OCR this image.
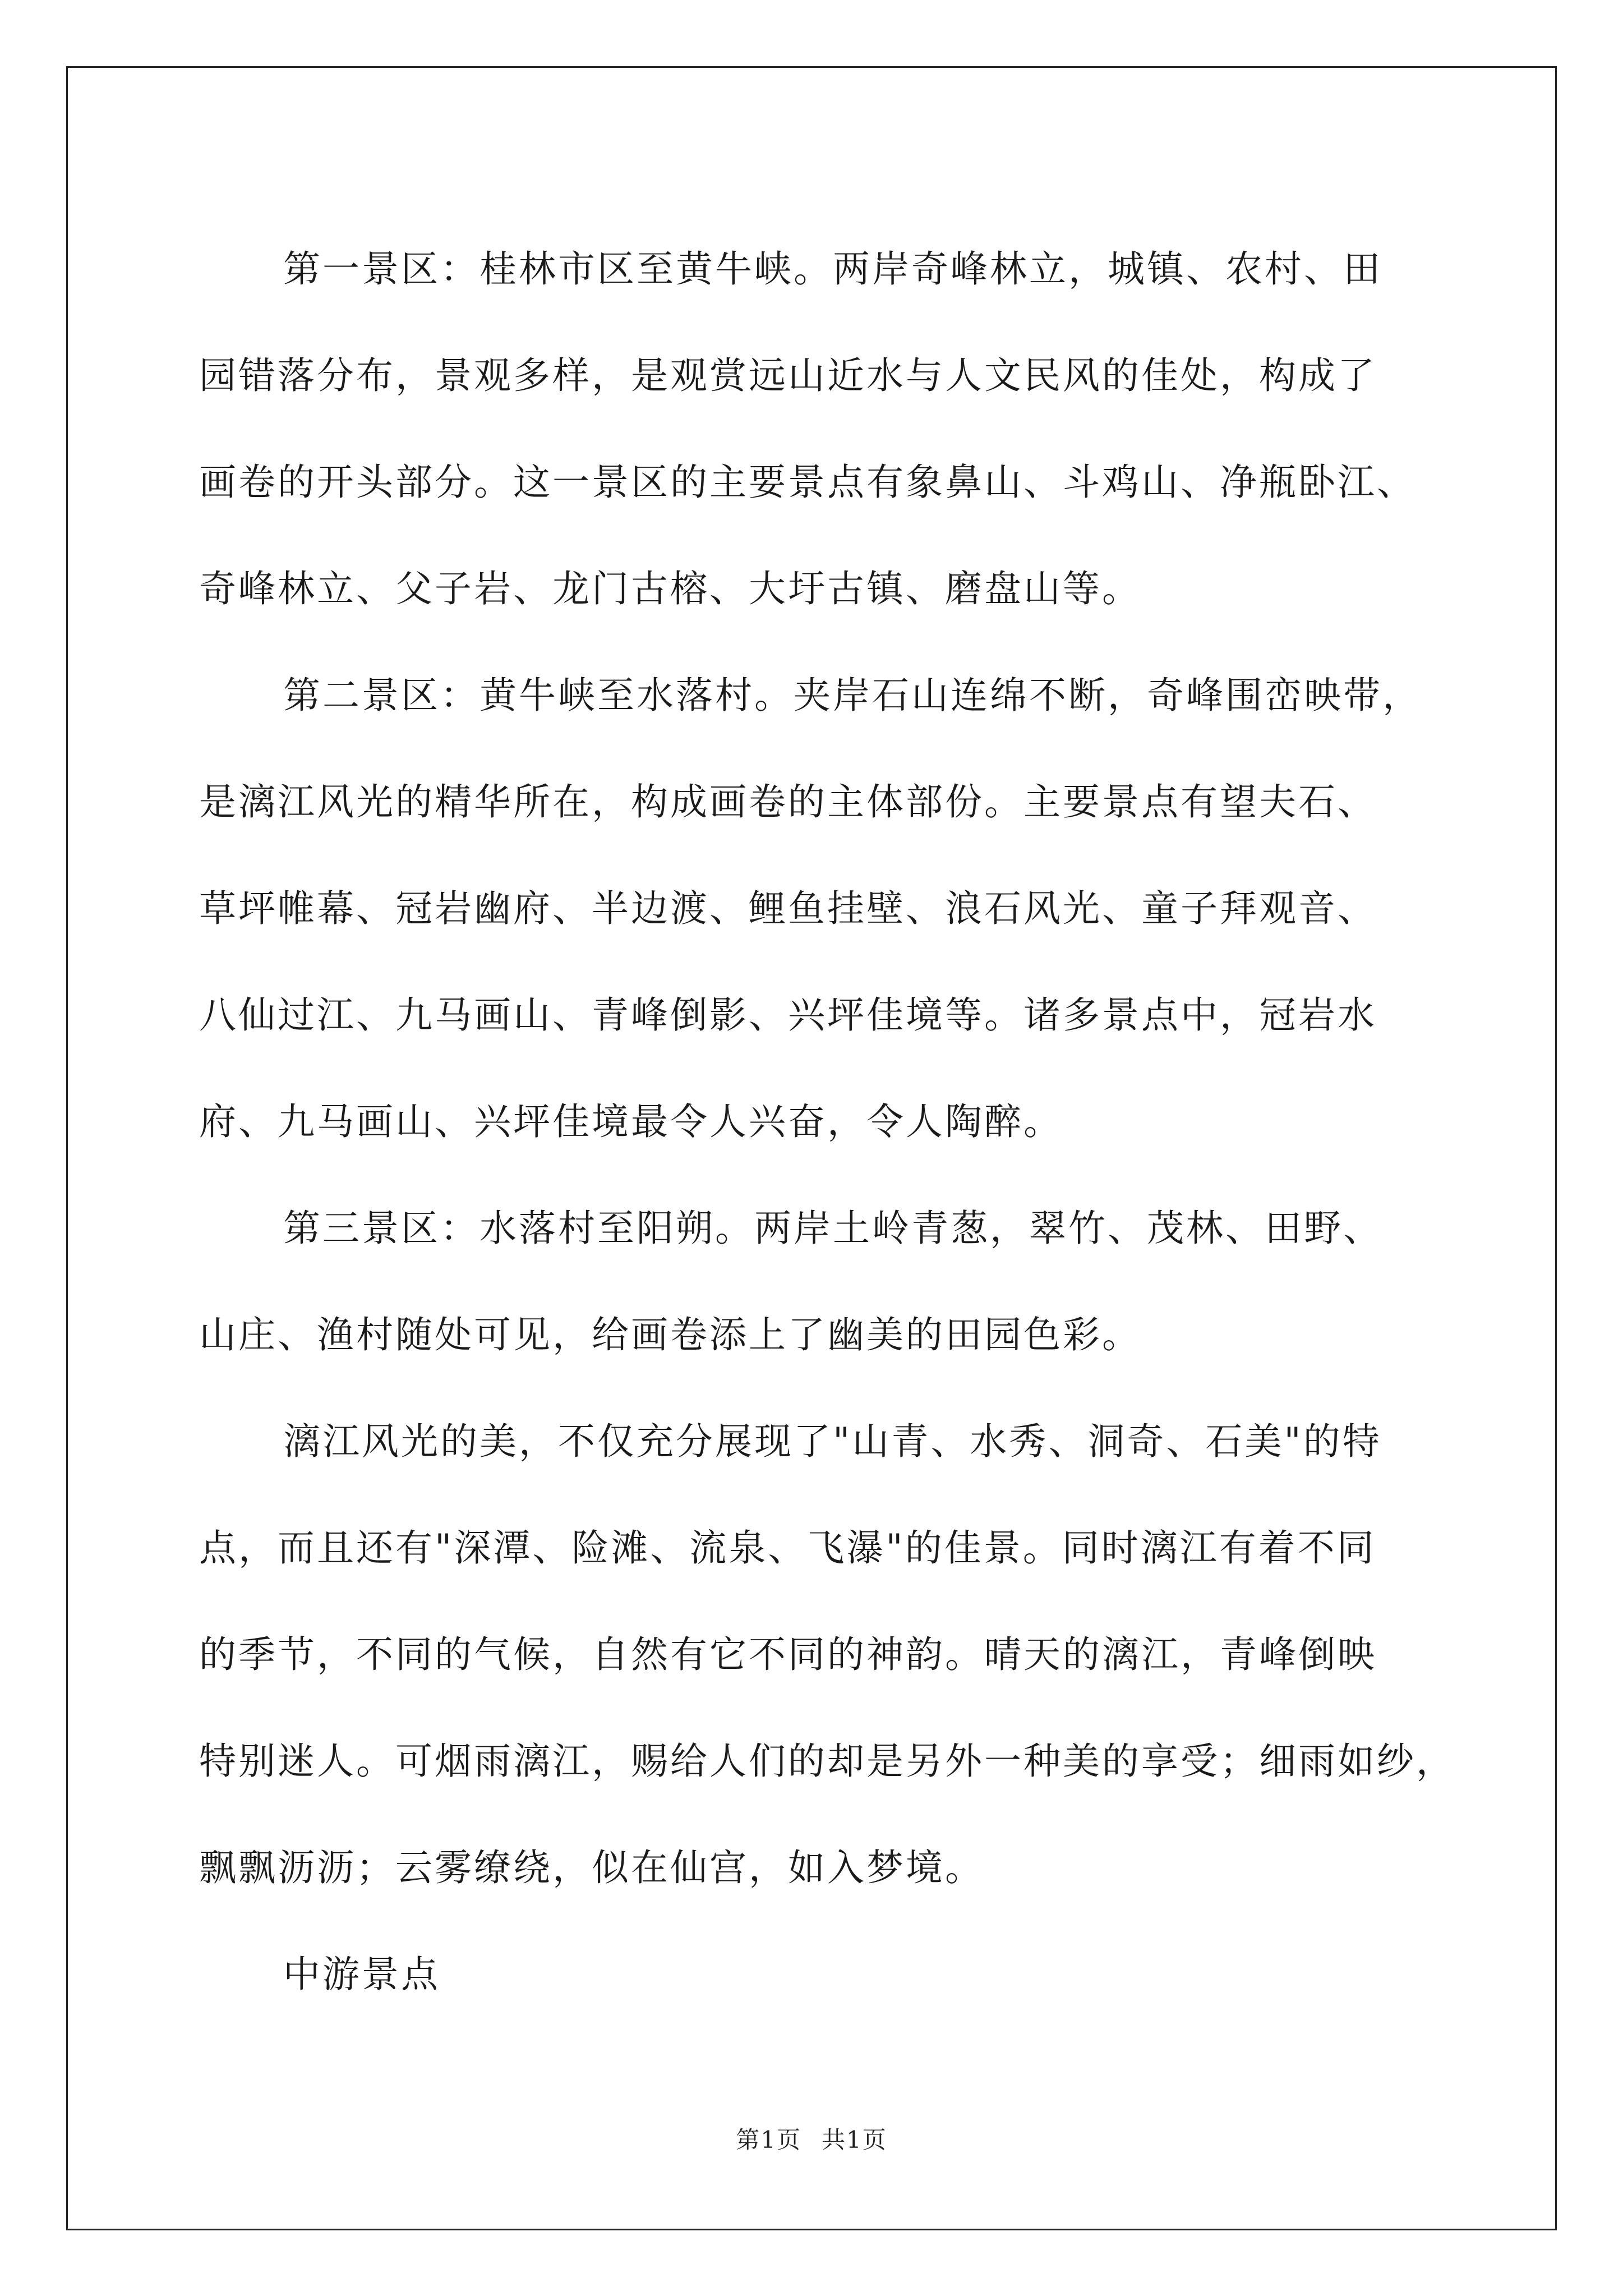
第一景区：桂林市区至黄牛峡。两岸奇峰林立，城镇、农村、田
园错落分布，景观多样，是观赏远山近水与人文民风的佳处，构成了
画卷的开头部分。这一景区的主要景点有象鼻山、斗鸡山、净瓶卧江、
奇峰林立、父子岩、龙门古榕、大圩古镇、磨盘山等。
第二景区：黄牛峡至水落村。夹岸石山连绵不断，奇峰围峦映带，
是漓江风光的精华所在，构成画卷的主体部份。主要景点有望夫石、
草坪帷幕、冠岩幽府、半边渡、鲤鱼挂壁、浪石风光、童子拜观音、
八仙过江、九马画山、青峰倒影、兴坪佳境等。诸多景点中，冠岩水
府、九马画山、兴坪佳境最令人兴奋，令人陶醉。
第三景区：水落村至阳朔。两岸土岭青葱，翠竹、茂林、田野、
山庄、渔村随处可见，给画卷添上了幽美的田园色彩。
漓江风光的美，不仅充分展现了"山青、水秀、洞奇、石美"的特
点，而且还有"深潭、险滩、流泉、飞瀑"的佳景。同时漓江有着不同
的季节，不同的气候，自然有它不同的神韵。晴天的漓江，青峰倒映
特别迷人。可烟雨漓江，赐给人们的却是另外一种美的享受；细雨如纱，
飘飘沥沥；云雾缭绕，似在仙宫，如入梦境。
中游景点
第1页 共1页
